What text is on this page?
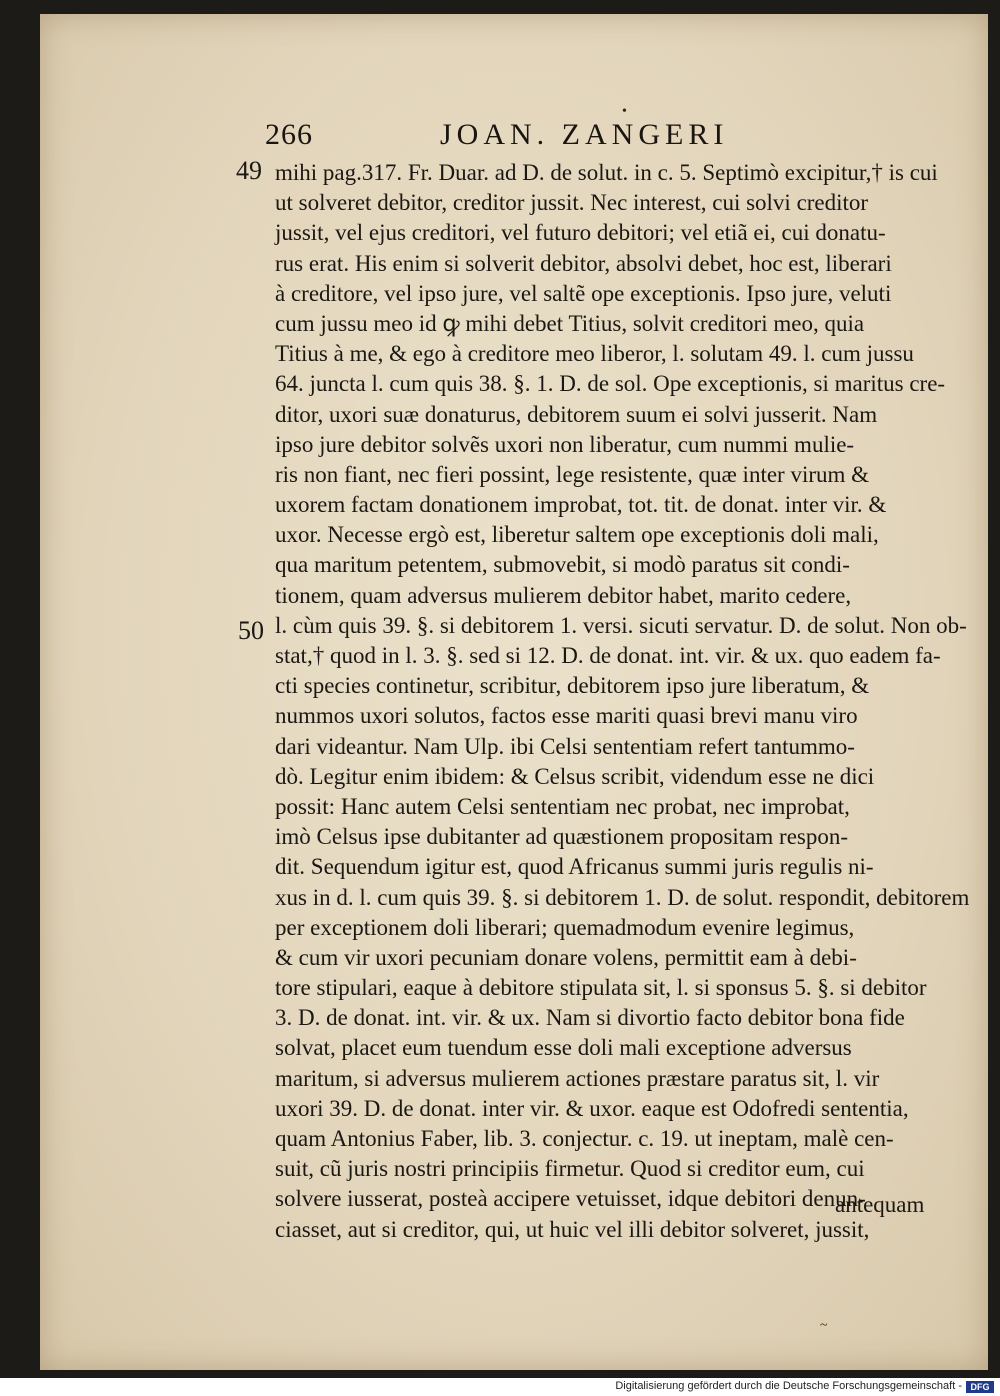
266	JOAN. ZANGERI
•
~
49
50
mihi pag.317. Fr. Duar. ad D. de solut. in c. 5. Septimò excipitur,† is cui
ut solveret debitor, creditor jussit. Nec interest, cui solvi creditor
jussit, vel ejus creditori, vel futuro debitori; vel etiã ei, cui donatu-
rus erat. His enim si solverit debitor, absolvi debet, hoc est, liberari
à creditore, vel ipso jure, vel saltẽ ope exceptionis. Ipso jure, veluti
cum jussu meo id ꝙ mihi debet Titius, solvit creditori meo, quia
Titius à me, & ego à creditore meo liberor, l. solutam 49. l. cum jussu
64. juncta l. cum quis 38. §. 1. D. de sol. Ope exceptionis, si maritus cre-
ditor, uxori suæ donaturus, debitorem suum ei solvi jusserit. Nam
ipso jure debitor solvẽs uxori non liberatur, cum nummi mulie-
ris non fiant, nec fieri possint, lege resistente, quæ inter virum &
uxorem factam donationem improbat, tot. tit. de donat. inter vir. &
uxor. Necesse ergò est, liberetur saltem ope exceptionis doli mali,
qua maritum petentem, submovebit, si modò paratus sit condi-
tionem, quam adversus mulierem debitor habet, marito cedere,
l. cùm quis 39. §. si debitorem 1. versi. sicuti servatur. D. de solut. Non ob-
stat,† quod in l. 3. §. sed si 12. D. de donat. int. vir. & ux. quo eadem fa-
cti species continetur, scribitur, debitorem ipso jure liberatum, &
nummos uxori solutos, factos esse mariti quasi brevi manu viro
dari videantur. Nam Ulp. ibi Celsi sententiam refert tantummo-
dò. Legitur enim ibidem: & Celsus scribit, videndum esse ne dici
possit: Hanc autem Celsi sententiam nec probat, nec improbat,
imò Celsus ipse dubitanter ad quæstionem propositam respon-
dit. Sequendum igitur est, quod Africanus summi juris regulis ni-
xus in d. l. cum quis 39. §. si debitorem 1. D. de solut. respondit, debitorem
per exceptionem doli liberari; quemadmodum evenire legimus,
& cum vir uxori pecuniam donare volens, permittit eam à debi-
tore stipulari, eaque à debitore stipulata sit, l. si sponsus 5. §. si debitor
3. D. de donat. int. vir. & ux. Nam si divortio facto debitor bona fide
solvat, placet eum tuendum esse doli mali exceptione adversus
maritum, si adversus mulierem actiones præstare paratus sit, l. vir
uxori 39. D. de donat. inter vir. & uxor. eaque est Odofredi sententia,
quam Antonius Faber, lib. 3. conjectur. c. 19. ut ineptam, malè cen-
suit, cũ juris nostri principiis firmetur. Quod si creditor eum, cui
solvere iusserat, posteà accipere vetuisset, idque debitori denun-
ciasset, aut si creditor, qui, ut huic vel illi debitor solveret, jussit,
antequam
Digitalisierung gefördert durch die Deutsche Forschungsgemeinschaft - DFG
